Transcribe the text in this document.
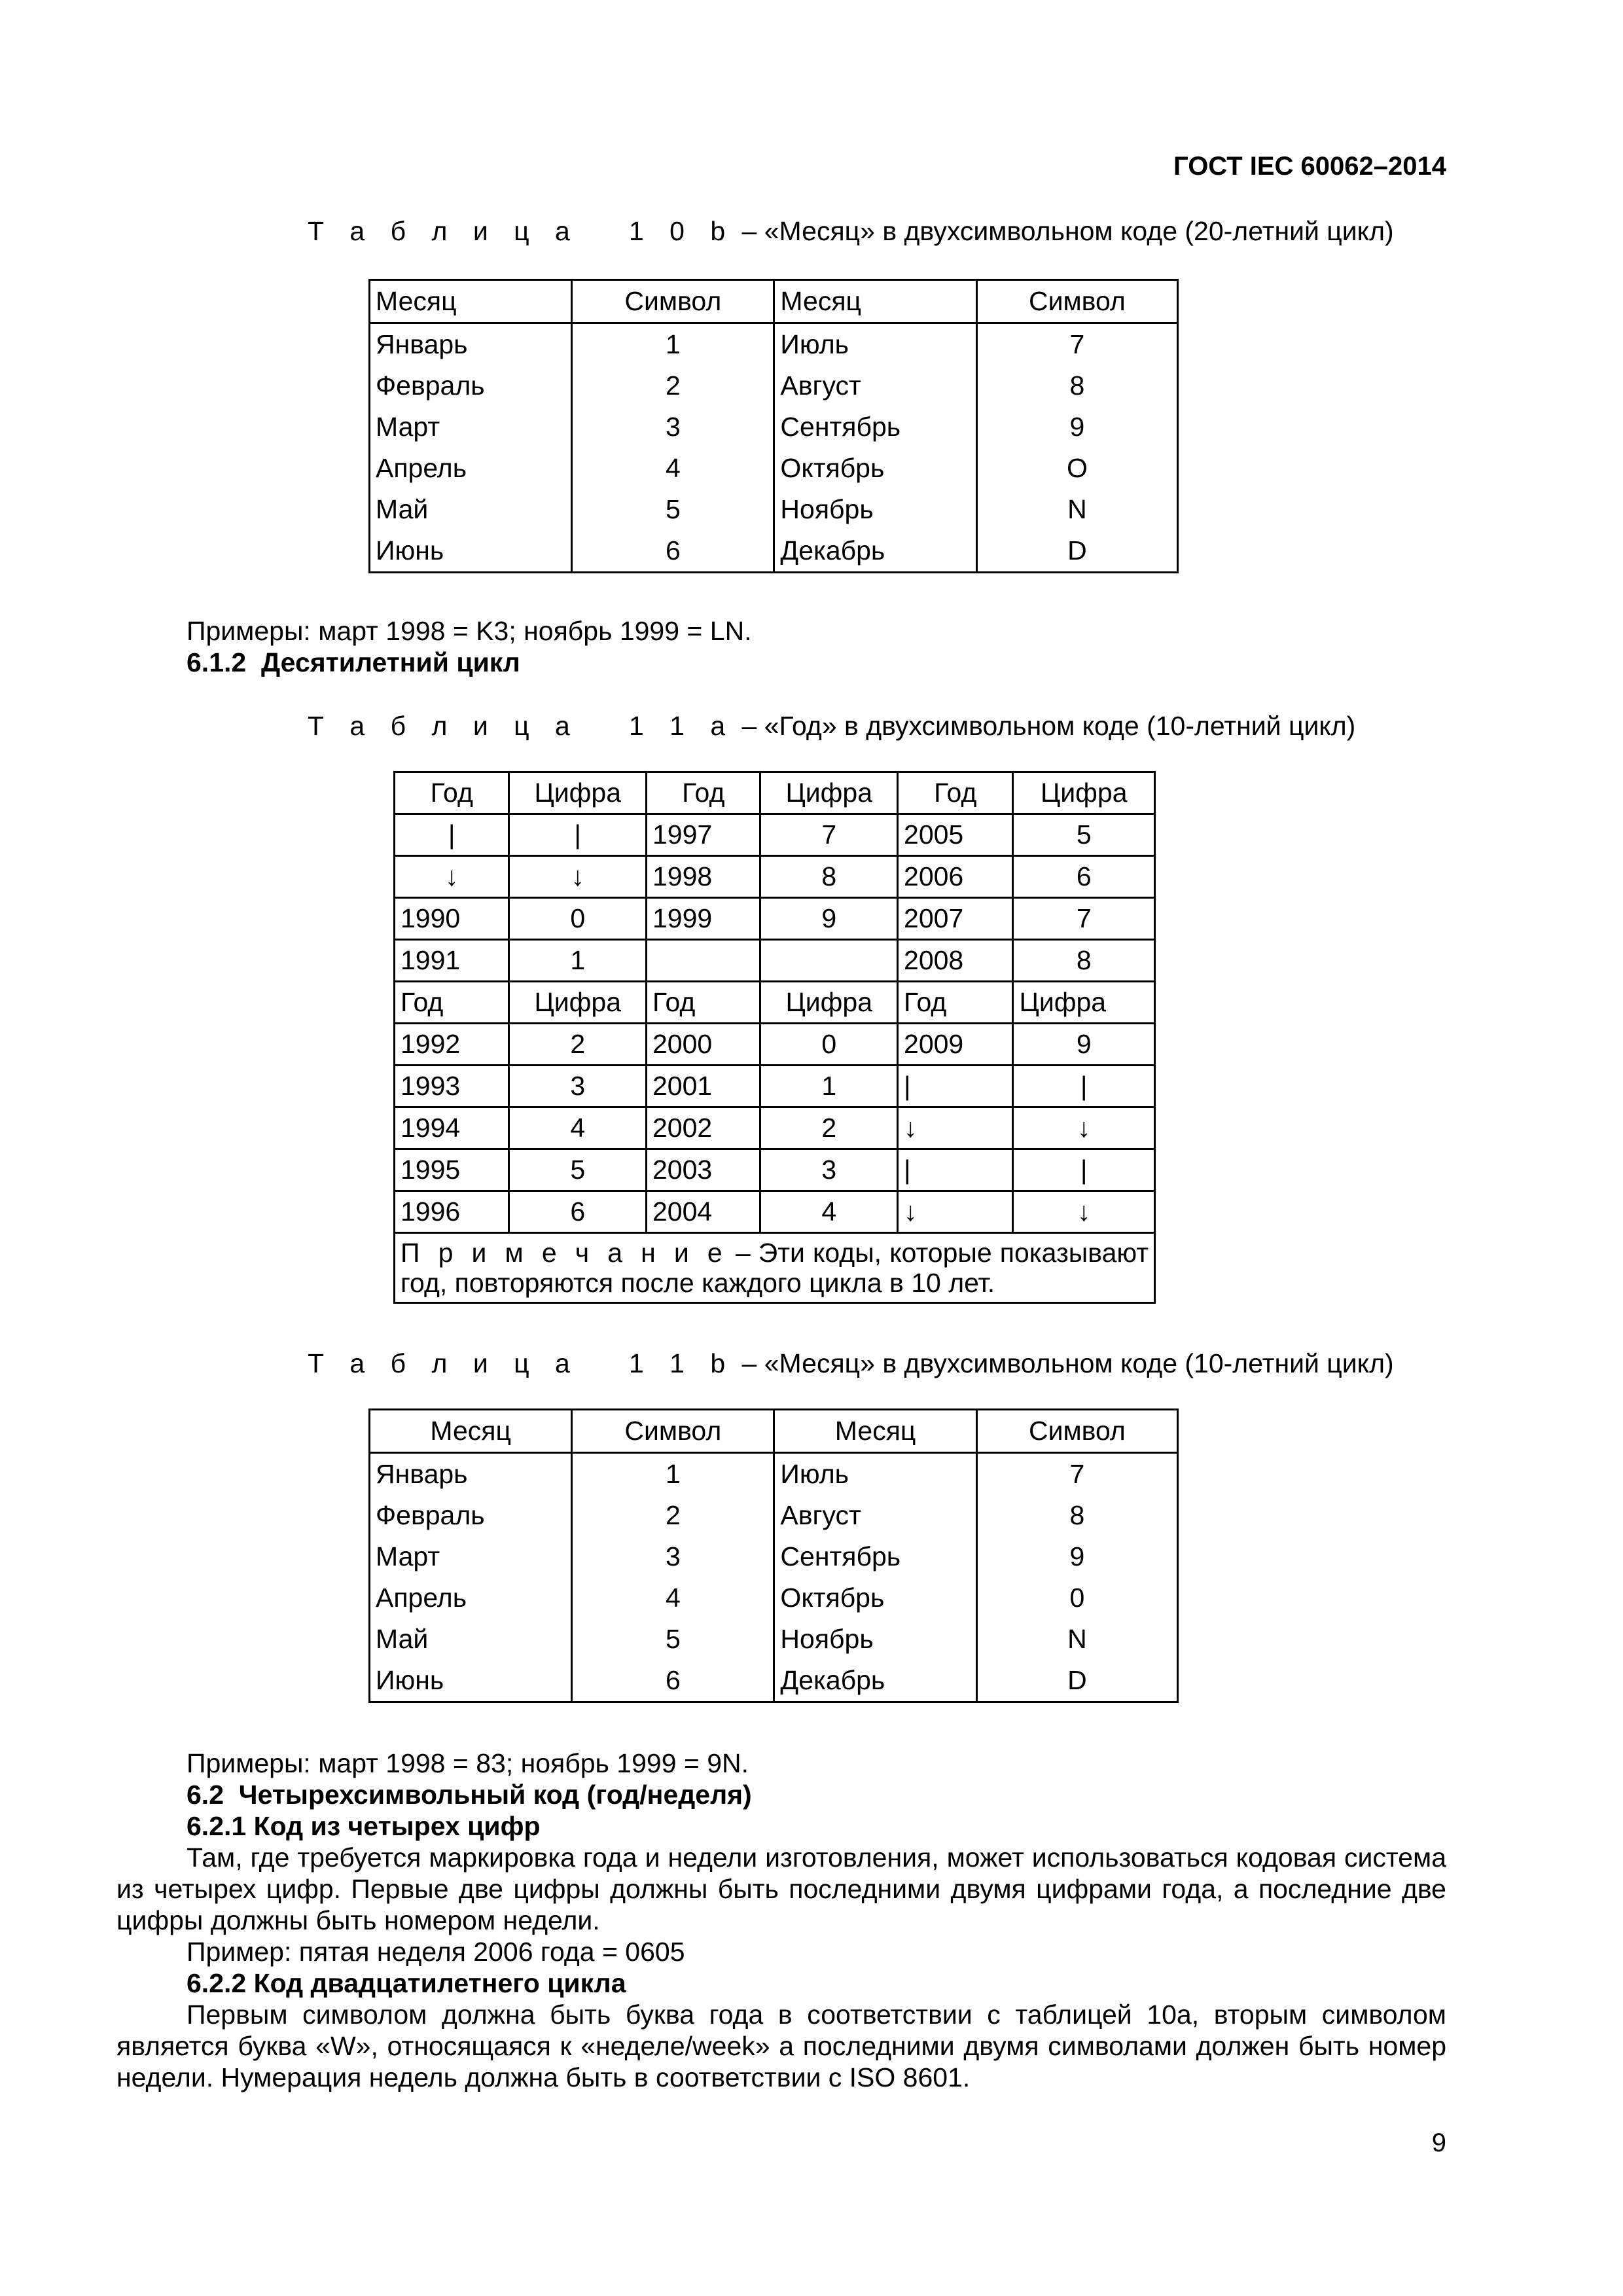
ГОСТ IEC 60062–2014
Т а б л и ц а   1 0 b – «Месяц» в двухсимвольном коде (20-летний цикл)
Месяц	Символ	Месяц	Символ
Январь	1	Июль	7
Февраль	2	Август	8
Март	3	Сентябрь	9
Апрель	4	Октябрь	O
Май	5	Ноябрь	N
Июнь	6	Декабрь	D
Примеры: март 1998 = K3; ноябрь 1999 = LN.
6.1.2  Десятилетний цикл
Т а б л и ц а   1 1 a – «Год» в двухсимвольном коде (10-летний цикл)
Год	Цифра	Год	Цифра	Год	Цифра
|	|	1997	7	2005	5
↓	↓	1998	8	2006	6
1990	0	1999	9	2007	7
1991	1			2008	8
Год	Цифра	Год	Цифра	Год	Цифра
1992	2	2000	0	2009	9
1993	3	2001	1	|	|
1994	4	2002	2	↓	↓
1995	5	2003	3	|	|
1996	6	2004	4	↓	↓
П р и м е ч а н и е – Эти коды, которые показывают год, повторяются после каждого цикла в 10 лет.					
Т а б л и ц а   1 1 b – «Месяц» в двухсимвольном коде (10-летний цикл)
Месяц	Символ	Месяц	Символ
Январь	1	Июль	7
Февраль	2	Август	8
Март	3	Сентябрь	9
Апрель	4	Октябрь	0
Май	5	Ноябрь	N
Июнь	6	Декабрь	D
Примеры: март 1998 = 83; ноябрь 1999 = 9N.
6.2  Четырехсимвольный код (год/неделя)
6.2.1 Код из четырех цифр
Там, где требуется маркировка года и недели изготовления, может использоваться кодовая система из четырех цифр. Первые две цифры должны быть последними двумя цифрами года, а последние две цифры должны быть номером недели.
Пример: пятая неделя 2006 года = 0605
6.2.2 Код двадцатилетнего цикла
Первым символом должна быть буква года в соответствии с таблицей 10а, вторым символом является буква «W», относящаяся к «неделе/week» а последними двумя символами должен быть номер недели. Нумерация недель должна быть в соответствии с ISO 8601.
9
